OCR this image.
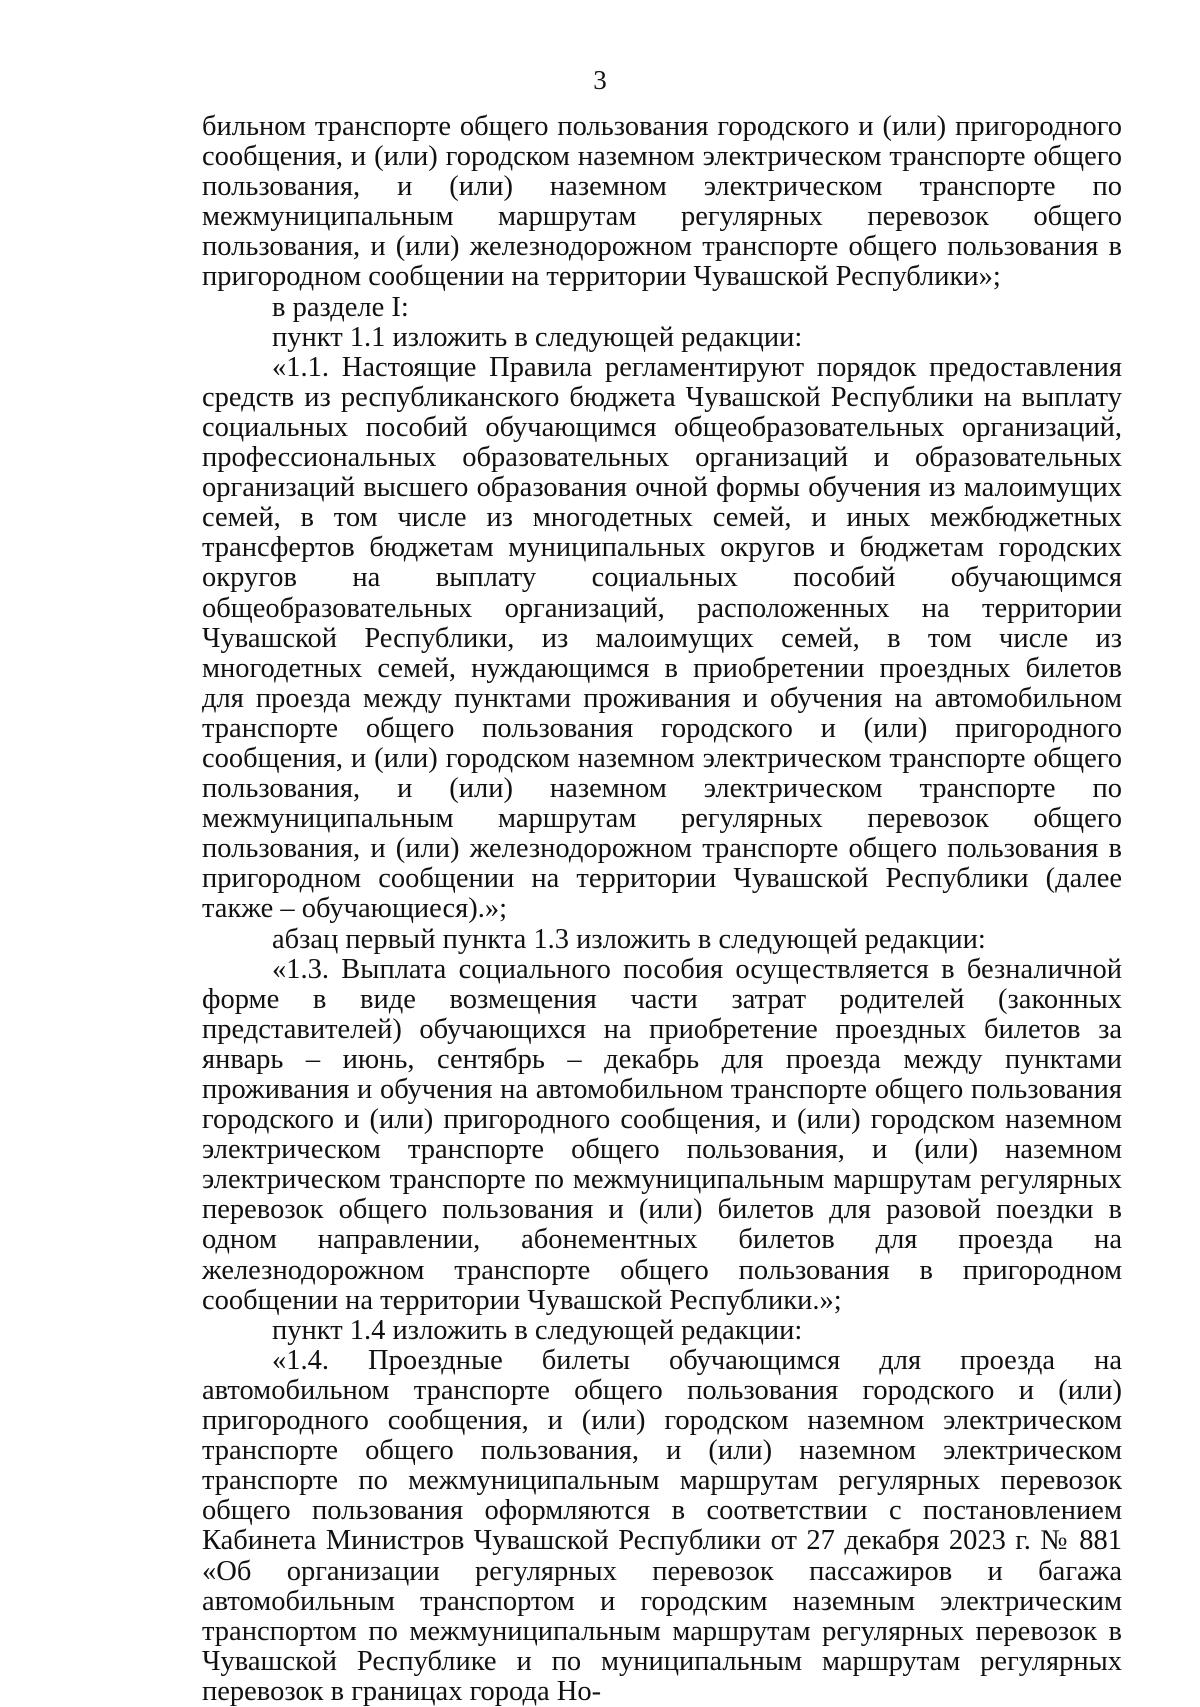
3

бильном транспорте общего пользования городского и (или) пригородного сообщения, и (или) городском наземном электрическом транспорте общего пользования, и (или) наземном электрическом транспорте по межмуниципальным маршрутам регулярных перевозок общего пользования, и (или) железнодорожном транспорте общего пользования в пригородном сообщении на территории Чувашской Республики»;

в разделе I:

пункт 1.1 изложить в следующей редакции:

«1.1. Настоящие Правила регламентируют порядок предоставления средств из республиканского бюджета Чувашской Республики на выплату социальных пособий обучающимся общеобразовательных организаций, профессиональных образовательных организаций и образовательных организаций высшего образования очной формы обучения из малоимущих семей, в том числе из многодетных семей, и иных межбюджетных трансфертов бюджетам муниципальных округов и бюджетам городских округов на выплату социальных пособий обучающимся общеобразовательных организаций, расположенных на территории Чувашской Республики, из малоимущих семей, в том числе из многодетных семей, нуждающимся в приобретении проездных билетов для проезда между пунктами проживания и обучения на автомобильном транспорте общего пользования городского и (или) пригородного сообщения, и (или) городском наземном электрическом транспорте общего пользования, и (или) наземном электрическом транспорте по межмуниципальным маршрутам регулярных перевозок общего пользования, и (или) железнодорожном транспорте общего пользования в пригородном сообщении на территории Чувашской Республики (далее также – обучающиеся).»;

абзац первый пункта 1.3 изложить в следующей редакции:

«1.3. Выплата социального пособия осуществляется в безналичной форме в виде возмещения части затрат родителей (законных представителей) обучающихся на приобретение проездных билетов за январь – июнь, сентябрь – декабрь для проезда между пунктами проживания и обучения на автомобильном транспорте общего пользования городского и (или) пригородного сообщения, и (или) городском наземном электрическом транспорте общего пользования, и (или) наземном электрическом транспорте по межмуниципальным маршрутам регулярных перевозок общего пользования и (или) билетов для разовой поездки в одном направлении, абонементных билетов для проезда на железнодорожном транспорте общего пользования в пригородном сообщении на территории Чувашской Республики.»;

пункт 1.4 изложить в следующей редакции:

«1.4. Проездные билеты обучающимся для проезда на автомобильном транспорте общего пользования городского и (или) пригородного сообщения, и (или) городском наземном электрическом транспорте общего пользования, и (или) наземном электрическом транспорте по межмуниципальным маршрутам регулярных перевозок общего пользования оформляются в соответствии с постановлением Кабинета Министров Чувашской Республики от 27 декабря 2023 г. № 881 «Об организации регулярных перевозок пассажиров и багажа автомобильным транспортом и городским наземным электрическим транспортом по межмуниципальным маршрутам регулярных перевозок в Чувашской Республике и по муниципальным маршрутам регулярных перевозок в границах города Но-
